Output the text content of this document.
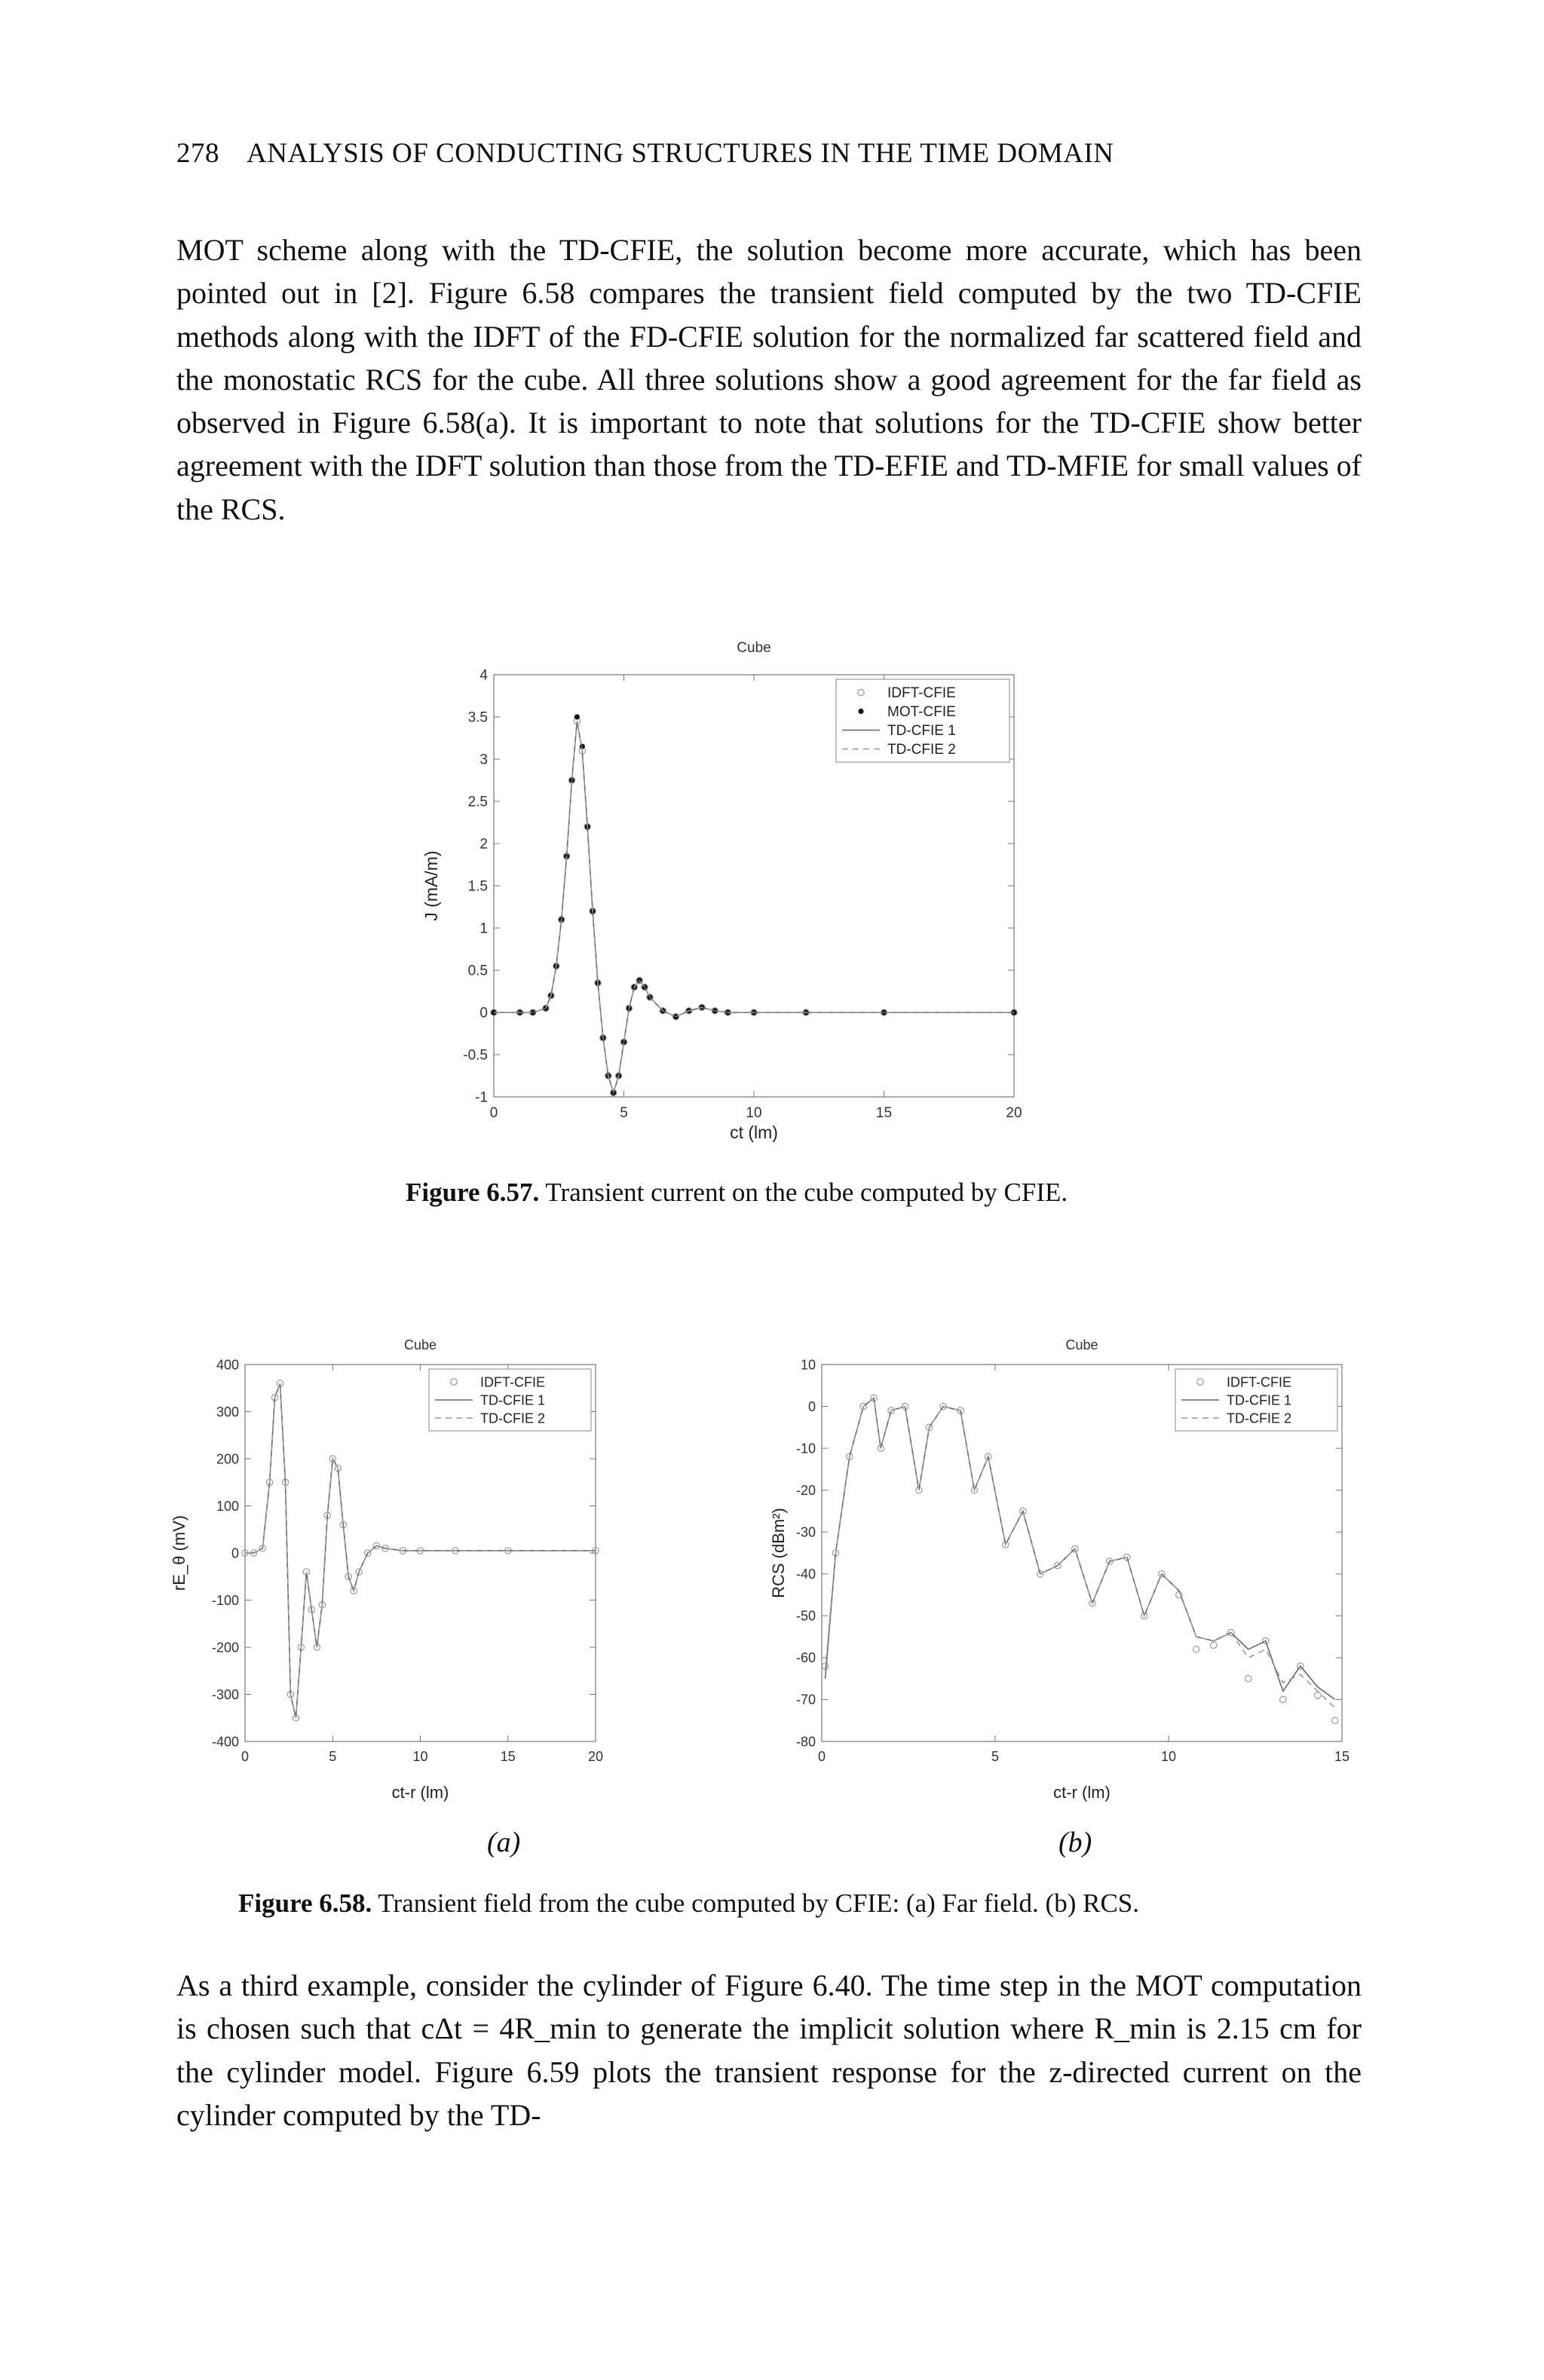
278 ANALYSIS OF CONDUCTING STRUCTURES IN THE TIME DOMAIN

MOT scheme along with the TD-CFIE, the solution become more accurate, which has been pointed out in [2]. Figure 6.58 compares the transient field computed by the two TD-CFIE methods along with the IDFT of the FD-CFIE solution for the normalized far scattered field and the monostatic RCS for the cube. All three solutions show a good agreement for the far field as observed in Figure 6.58(a). It is important to note that solutions for the TD-CFIE show better agreement with the IDFT solution than those from the TD-EFIE and TD-MFIE for small values of the RCS.

Cube
0	5	10	15	20
4
3.5
3
2.5
2
1.5
1
0.5
0
-0.5
-1
ct (lm)
J (mA/m)
IDFT-CFIE
MOT-CFIE
TD-CFIE 1
TD-CFIE 2
Figure 6.57. Transient current on the cube computed by CFIE.
Cube
0	5	10	15	20
400
300
200
100
0
-100
-200
-300
-400
ct-r (lm)
rE_θ (mV)
IDFT-CFIE
TD-CFIE 1
TD-CFIE 2
Cube
0	5	10	15
10
0
-10
-20
-30
-40
-50
-60
-70
-80
ct-r (lm)
RCS (dBm²)
IDFT-CFIE
TD-CFIE 1
TD-CFIE 2
(a)	(b)
Figure 6.58. Transient field from the cube computed by CFIE: (a) Far field. (b) RCS.

As a third example, consider the cylinder of Figure 6.40. The time step in the MOT computation is chosen such that cΔt = 4R_min to generate the implicit solution where R_min is 2.15 cm for the cylinder model. Figure 6.59 plots the transient response for the z-directed current on the cylinder computed by the TD-
